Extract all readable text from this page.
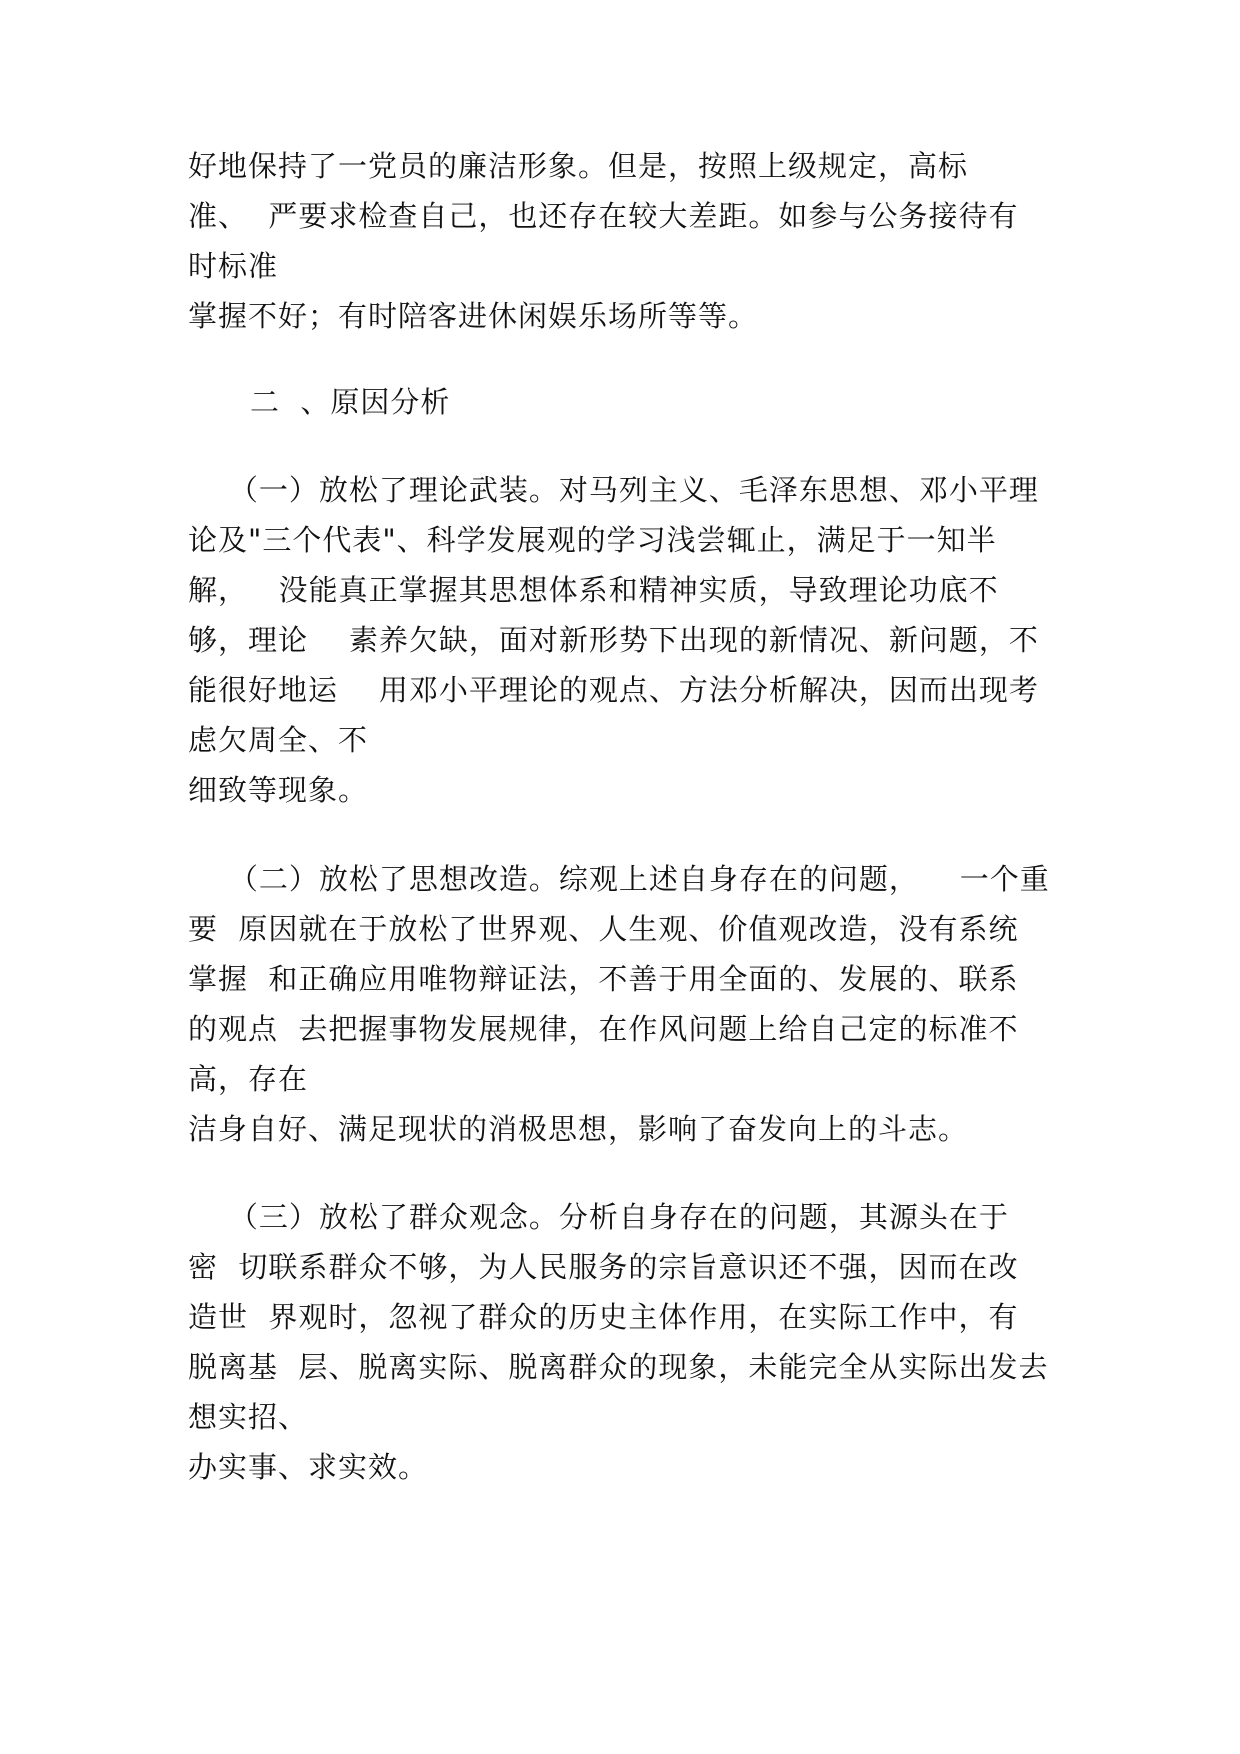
好地保持了一党员的廉洁形象。但是，按照上级规定，高标
准、  严要求检查自己，也还存在较大差距。如参与公务接待有
时标准
掌握不好；有时陪客进休闲娱乐场所等等。
二  、原因分析
（一）放松了理论武装。对马列主义、毛泽东思想、邓小平理
论及"三个代表"、科学发展观的学习浅尝辄止，满足于一知半
解，   没能真正掌握其思想体系和精神实质，导致理论功底不
够，理论    素养欠缺，面对新形势下出现的新情况、新问题，不
能很好地运    用邓小平理论的观点、方法分析解决，因而出现考
虑欠周全、不
细致等现象。
（二）放松了思想改造。综观上述自身存在的问题，    一个重
要  原因就在于放松了世界观、人生观、价值观改造，没有系统
掌握  和正确应用唯物辩证法，不善于用全面的、发展的、联系
的观点  去把握事物发展规律，在作风问题上给自己定的标准不
高，存在
洁身自好、满足现状的消极思想，影响了奋发向上的斗志。
（三）放松了群众观念。分析自身存在的问题，其源头在于
密  切联系群众不够，为人民服务的宗旨意识还不强，因而在改
造世  界观时，忽视了群众的历史主体作用，在实际工作中，有
脱离基  层、脱离实际、脱离群众的现象，未能完全从实际出发去
想实招、
办实事、求实效。
